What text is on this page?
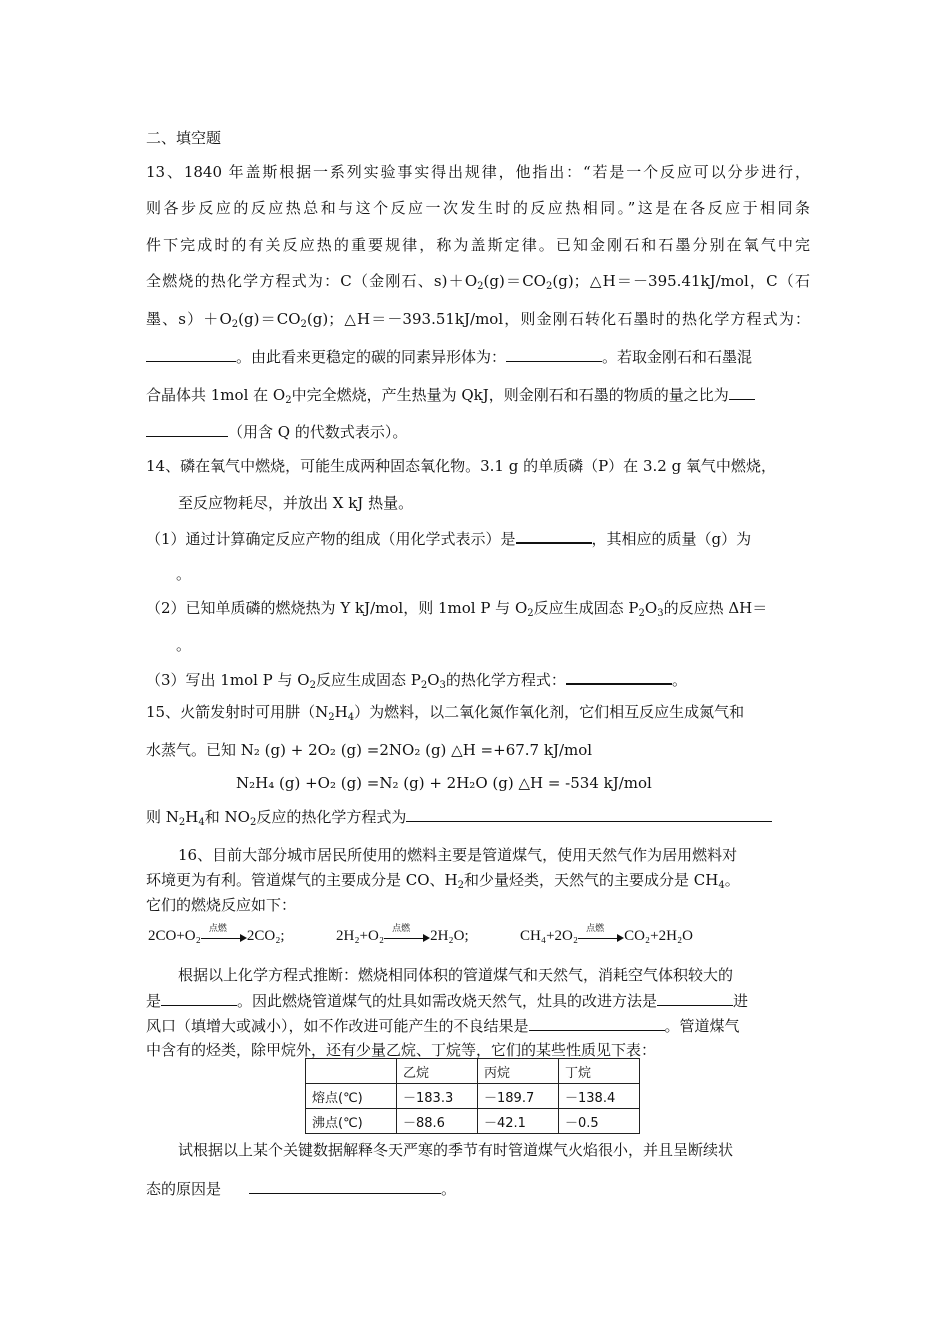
二、填空题
13、1840 年盖斯根据一系列实验事实得出规律，他指出：“若是一个反应可以分步进行，
则各步反应的反应热总和与这个反应一次发生时的反应热相同。”这是在各反应于相同条
件下完成时的有关反应热的重要规律，称为盖斯定律。已知金刚石和石墨分别在氧气中完
全燃烧的热化学方程式为：C（金刚石、$s)+O_2(g)=CO_2(g)$；△H＝－395.41kJ/mol，C（石
墨、$s)+O_2(g)=CO_2(g)$；△H＝－393.51kJ/mol，则金刚石转化石墨时的热化学方程式为：
。由此看来更稳定的碳的同素异形体为：	。若取金刚石和石墨混
合晶体共 1mol 在 $O_2$中完全燃烧，产生热量为 QkJ，则金刚石和石墨的物质的量之比为
（用含 Q 的代数式表示）。
14、磷在氧气中燃烧，可能生成两种固态氧化物。3.1 g 的单质磷（P）在 3.2 g 氧气中燃烧，
至反应物耗尽，并放出 X kJ 热量。
（1）通过计算确定反应产物的组成（用化学式表示）是	，其相应的质量（g）为
。
（2）已知单质磷的燃烧热为 Y kJ/mol，则 1mol P 与 $O_2$反应生成固态 $P_2O_3$的反应热 ΔH＝
。
（3）写出 1mol P 与 $O_2$反应生成固态 $P_2O_3$的热化学方程式：	。
15、火箭发射时可用肼$(N_2H_4)$为燃料，以二氧化氮作氧化剂，它们相互反应生成氮气和
水蒸气。已知 N₂ (g) + 2O₂ (g) =2NO₂ (g) △H =+67.7 kJ/mol
N₂H₄ (g) +O₂ (g) =N₂ (g) + 2H₂O (g) △H = -534 kJ/mol
则 $N_2H_4$和 $NO_2$反应的热化学方程式为
16、目前大部分城市居民所使用的燃料主要是管道煤气，使用天然气作为居用燃料对
环境更为有利。管道煤气的主要成分是 CO、$H_2$和少量烃类，天然气的主要成分是 $CH_4$。
它们的燃烧反应如下：
2CO+O₂ 点燃 2CO₂;	2H₂+O₂ 点燃 2H₂O;	CH₄+2O₂ 点燃 CO₂+2H₂O
根据以上化学方程式推断：燃烧相同体积的管道煤气和天然气，消耗空气体积较大的
是	。因此燃烧管道煤气的灶具如需改烧天然气，灶具的改进方法是	进
风口（填增大或减小），如不作改进可能产生的不良结果是	。管道煤气
中含有的烃类，除甲烷外，还有少量乙烷、丁烷等，它们的某些性质见下表：
	乙烷	丙烷	丁烷
熔点(℃)	－183.3	－189.7	－138.4
沸点(℃)	－88.6	－42.1	－0.5
试根据以上某个关键数据解释冬天严寒的季节有时管道煤气火焰很小，并且呈断续状
态的原因是	。
